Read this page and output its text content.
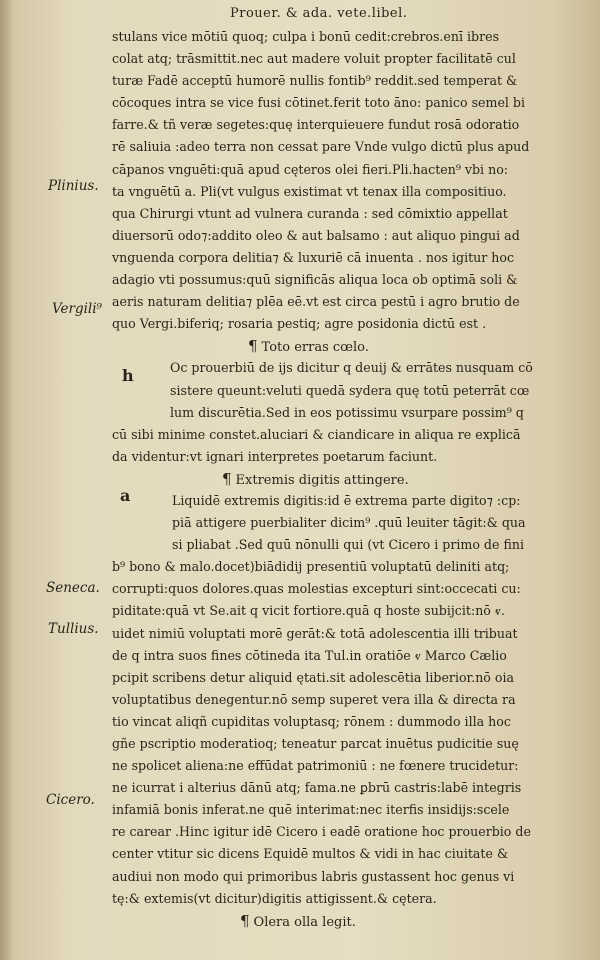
Prouer. & ada. vete.libel.
Plinius.
Vergili⁹
Seneca.
Tullius.
Cicero.
h
a
stulans vice mōtiū quoq; culpa i bonū cedit:crebros.enī ibres
colat atq; trāsmittit.nec aut madere voluit propter facilitatē cul
turæ Fadē acceptū humorē nullis fontib⁹ reddit.sed temperat &
cōcoques intra se vice fusi cōtinet.ferit toto āno: panico semel bi
farre.& tñ veræ segetes:quę interquieuere fundut rosā odoratio
rē saliuia :adeo terra non cessat pare Vnde vulgo dictū plus apud
cāpanos vnguēti:quā apud cęteros olei fieri.Pli.hacten⁹ vbi no:
ta vnguētū a. Pli(vt vulgus existimat vt tenax illa compositiuo.
qua Chirurgi vtunt ad vulnera curanda : sed cōmixtio appellat
diuersorū odo⁊:addito oleo & aut balsamo : aut aliquo pingui ad
vnguenda corpora delitia⁊ & luxuriē cā inuenta . nos igitur hoc
adagio vti possumus:quū significās aliqua loca ob optimā soli &
aeris naturam delitia⁊ plēa eē.vt est circa pestū i agro brutio de
quo Vergi.biferiq; rosaria pestiq; agre posidonia dictū est .
¶ Toto erras cœlo.
Oc prouerbiū de ijs dicitur q deuij & errātes nusquam cō
sistere queunt:veluti quedā sydera quę totū peterrāt cœ
lum discurētia.Sed in eos potissimu vsurpare possim⁹ q
cū sibi minime constet.aluciari & ciandicare in aliqua re explicā
da videntur:vt ignari interpretes poetarum faciunt.
¶ Extremis digitis attingere.
Liquidē extremis digitis:id ē extrema parte digito⁊ :cp:
piā attigere puerbialiter dicim⁹ .quū leuiter tāgit:& qua
si pliabat .Sed quū nōnulli qui (vt Cicero i primo de fini
b⁹ bono & malo.docet)biādidij presentiū voluptatū deliniti atq;
corrupti:quos dolores.quas molestias excepturi sint:occecati cu:
piditate:quā vt Se.ait q vicit fortiore.quā q hoste subijcit:nō ⱴ.
uidet nimiū voluptati morē gerāt:& totā adolescentia illi tribuat
de q intra suos fines cōtineda ita Tul.in oratiōe ⱴ Marco Cælio
pcipit scribens detur aliquid ętati.sit adolescētia liberior.nō oia
voluptatibus denegentur.nō semp superet vera illa & directa ra
tio vincat aliqñ cupiditas voluptasq; rōnem : dummodo illa hoc
gñe pscriptio moderatioq; teneatur parcat inuētus pudicitie suę
ne spolicet aliena:ne effūdat patrimoniū : ne fœnere trucidetur:
ne icurrat i alterius dānū atq; fama.ne ꝑbrū castris:labē integris
infamiā bonis inferat.ne quē interimat:nec iterfis insidijs:scele
re carear .Hinc igitur idē Cicero i eadē oratione hoc prouerbio de
center vtitur sic dicens Equidē multos & vidi in hac ciuitate &
audiui non modo qui primoribus labris gustassent hoc genus vi
tę:& extemis(vt dicitur)digitis attigissent.& cętera.
¶ Olera olla legit.
